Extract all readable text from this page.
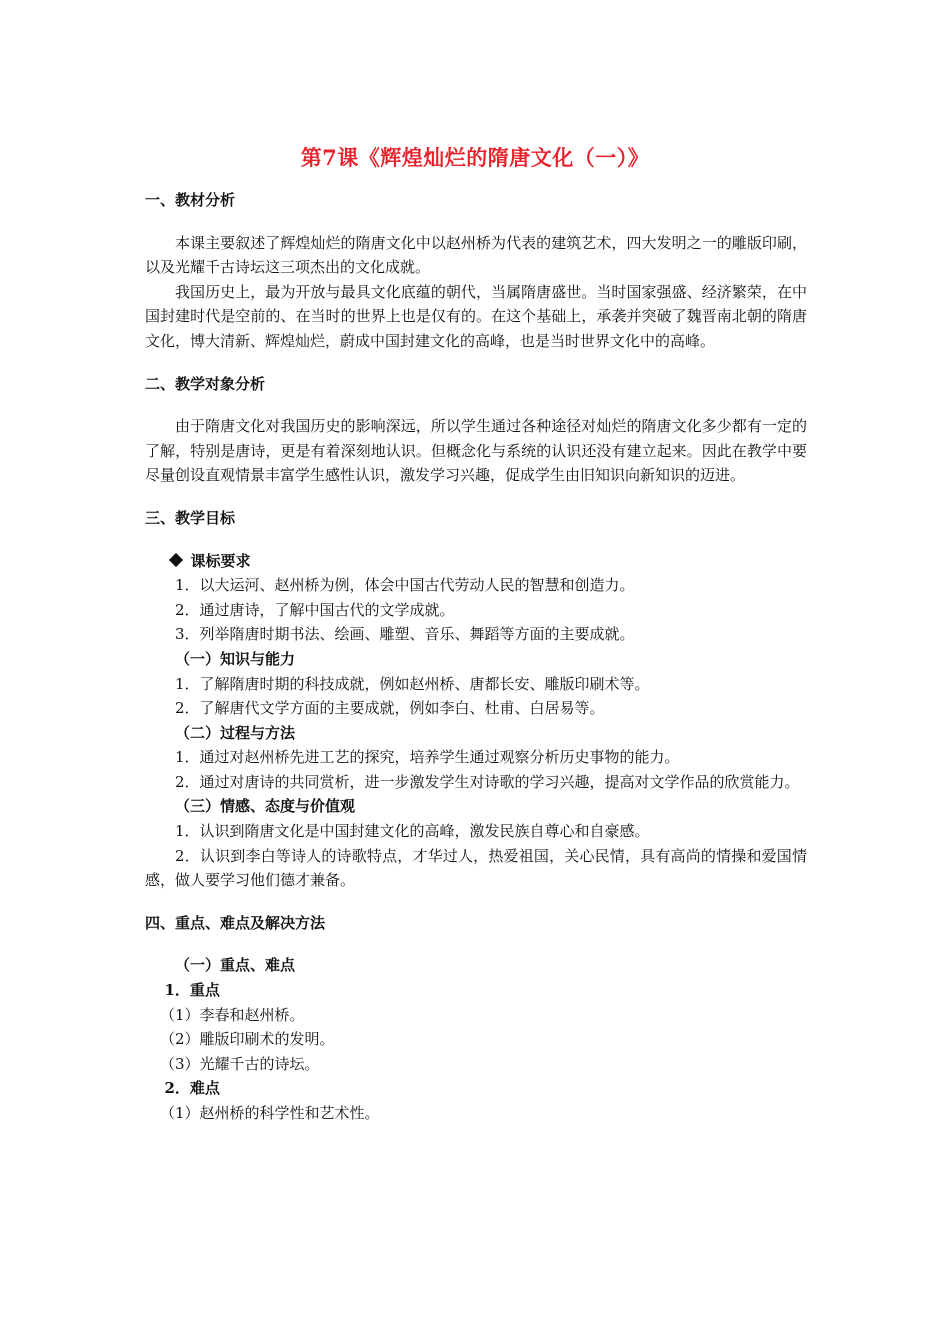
第7课《辉煌灿烂的隋唐文化（一）》

一、教材分析

本课主要叙述了辉煌灿烂的隋唐文化中以赵州桥为代表的建筑艺术，四大发明之一的雕版印刷，以及光耀千古诗坛这三项杰出的文化成就。

我国历史上，最为开放与最具文化底蕴的朝代，当属隋唐盛世。当时国家强盛、经济繁荣，在中国封建时代是空前的、在当时的世界上也是仅有的。在这个基础上，承袭并突破了魏晋南北朝的隋唐文化，博大清新、辉煌灿烂，蔚成中国封建文化的高峰，也是当时世界文化中的高峰。

二、教学对象分析

由于隋唐文化对我国历史的影响深远，所以学生通过各种途径对灿烂的隋唐文化多少都有一定的了解，特别是唐诗，更是有着深刻地认识。但概念化与系统的认识还没有建立起来。因此在教学中要尽量创设直观情景丰富学生感性认识，激发学习兴趣，促成学生由旧知识向新知识的迈进。

三、教学目标

课标要求

1．以大运河、赵州桥为例，体会中国古代劳动人民的智慧和创造力。

2．通过唐诗，了解中国古代的文学成就。

3．列举隋唐时期书法、绘画、雕塑、音乐、舞蹈等方面的主要成就。

（一）知识与能力

1．了解隋唐时期的科技成就，例如赵州桥、唐都长安、雕版印刷术等。

2．了解唐代文学方面的主要成就，例如李白、杜甫、白居易等。

（二）过程与方法

1．通过对赵州桥先进工艺的探究，培养学生通过观察分析历史事物的能力。

2．通过对唐诗的共同赏析，进一步激发学生对诗歌的学习兴趣，提高对文学作品的欣赏能力。

（三）情感、态度与价值观

1．认识到隋唐文化是中国封建文化的高峰，激发民族自尊心和自豪感。

2．认识到李白等诗人的诗歌特点，才华过人，热爱祖国，关心民情，具有高尚的情操和爱国情感，做人要学习他们德才兼备。

四、重点、难点及解决方法

（一）重点、难点

1．重点

（1）李春和赵州桥。

（2）雕版印刷术的发明。

（3）光耀千古的诗坛。

2．难点

（1）赵州桥的科学性和艺术性。
